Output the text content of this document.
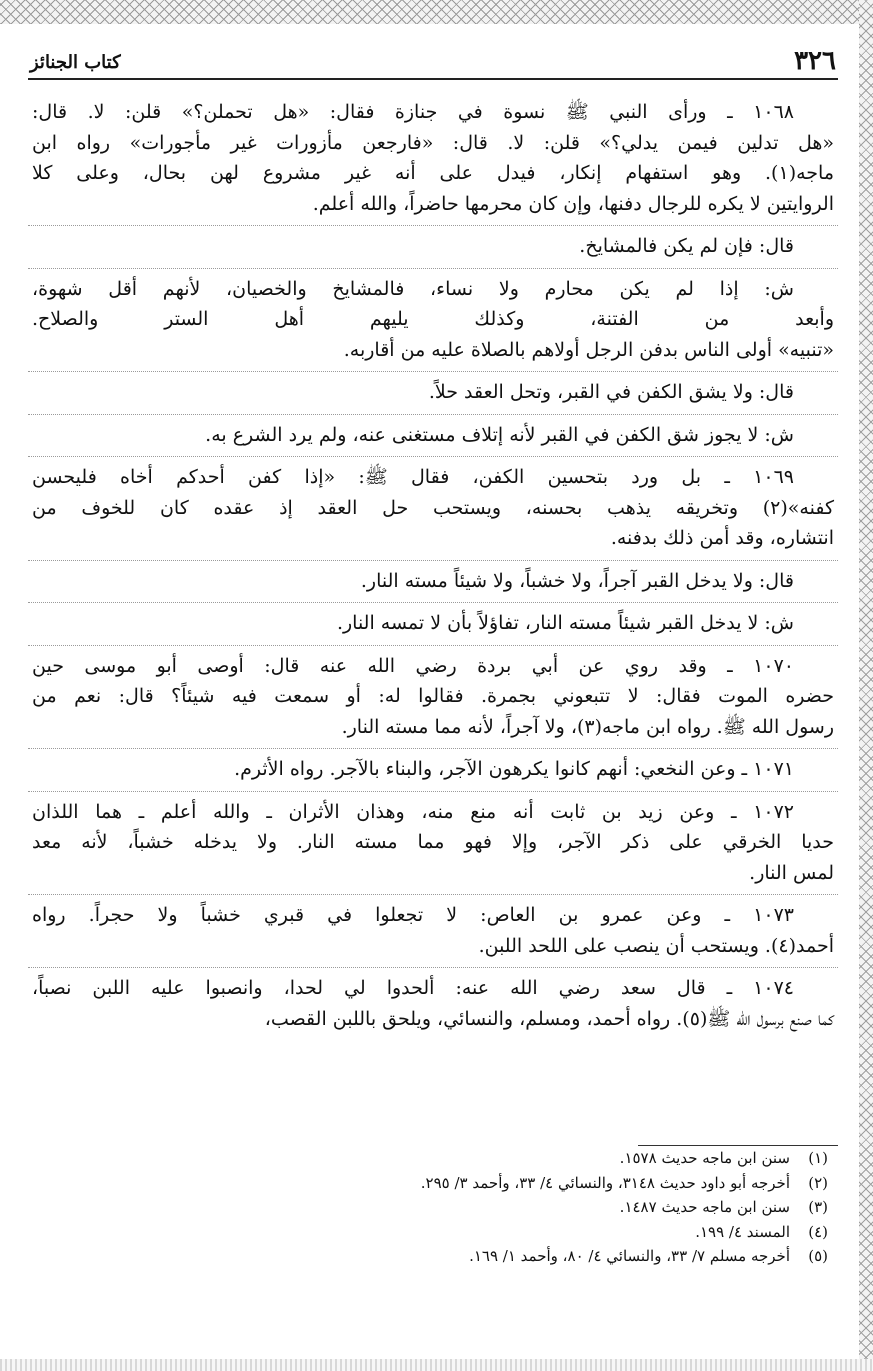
٣٢٦
كتاب الجنائز
١٠٦٨ ـ ورأى النبي ﷺ نسوة في جنازة فقال: «هل تحملن؟» قلن: لا. قال:
«هل تدلين فيمن يدلي؟» قلن: لا. قال: «فارجعن مأزورات غير مأجورات» رواه ابن
ماجه(١). وهو استفهام إنكار، فيدل على أنه غير مشروع لهن بحال، وعلى كلا
الروايتين لا يكره للرجال دفنها، وإن كان محرمها حاضراً، والله أعلم.
قال: فإن لم يكن فالمشايخ.
ش: إذا لم يكن محارم ولا نساء، فالمشايخ والخصيان، لأنهم أقل شهوة،
وأبعد من الفتنة، وكذلك يليهم أهل الستر والصلاح.
«تنبيه» أولى الناس بدفن الرجل أولاهم بالصلاة عليه من أقاربه.
قال: ولا يشق الكفن في القبر، وتحل العقد حلاً.
ش: لا يجوز شق الكفن في القبر لأنه إتلاف مستغنى عنه، ولم يرد الشرع به.
١٠٦٩ ـ بل ورد بتحسين الكفن، فقال ﷺ: «إذا كفن أحدكم أخاه فليحسن
كفنه»(٢) وتخريقه يذهب بحسنه، ويستحب حل العقد إذ عقده كان للخوف من
انتشاره، وقد أمن ذلك بدفنه.
قال: ولا يدخل القبر آجراً، ولا خشباً، ولا شيئاً مسته النار.
ش: لا يدخل القبر شيئاً مسته النار، تفاؤلاً بأن لا تمسه النار.
١٠٧٠ ـ وقد روي عن أبي بردة رضي الله عنه قال: أوصى أبو موسى حين
حضره الموت فقال: لا تتبعوني بجمرة. فقالوا له: أو سمعت فيه شيئاً؟ قال: نعم من
رسول الله ﷺ. رواه ابن ماجه(٣)، ولا آجراً، لأنه مما مسته النار.
١٠٧١ ـ وعن النخعي: أنهم كانوا يكرهون الآجر، والبناء بالآجر. رواه الأثرم.
١٠٧٢ ـ وعن زيد بن ثابت أنه منع منه، وهذان الأثران ـ والله أعلم ـ هما اللذان
حديا الخرقي على ذكر الآجر، وإلا فهو مما مسته النار. ولا يدخله خشباً، لأنه معد
لمس النار.
١٠٧٣ ـ وعن عمرو بن العاص: لا تجعلوا في قبري خشباً ولا حجراً. رواه
أحمد(٤). ويستحب أن ينصب على اللحد اللبن.
١٠٧٤ ـ قال سعد رضي الله عنه: ألحدوا لي لحدا، وانصبوا عليه اللبن نصباً،
كما صنع برسول الله ﷺ(٥). رواه أحمد، ومسلم، والنسائي، ويلحق باللبن القصب،
(١)
سنن ابن ماجه حديث ١٥٧٨.
(٢)
أخرجه أبو داود حديث ٣١٤٨، والنسائي ٤/ ٣٣، وأحمد ٣/ ٢٩٥.
(٣)
سنن ابن ماجه حديث ١٤٨٧.
(٤)
المسند ٤/ ١٩٩.
(٥)
أخرجه مسلم ٧/ ٣٣، والنسائي ٤/ ٨٠، وأحمد ١/ ١٦٩.
